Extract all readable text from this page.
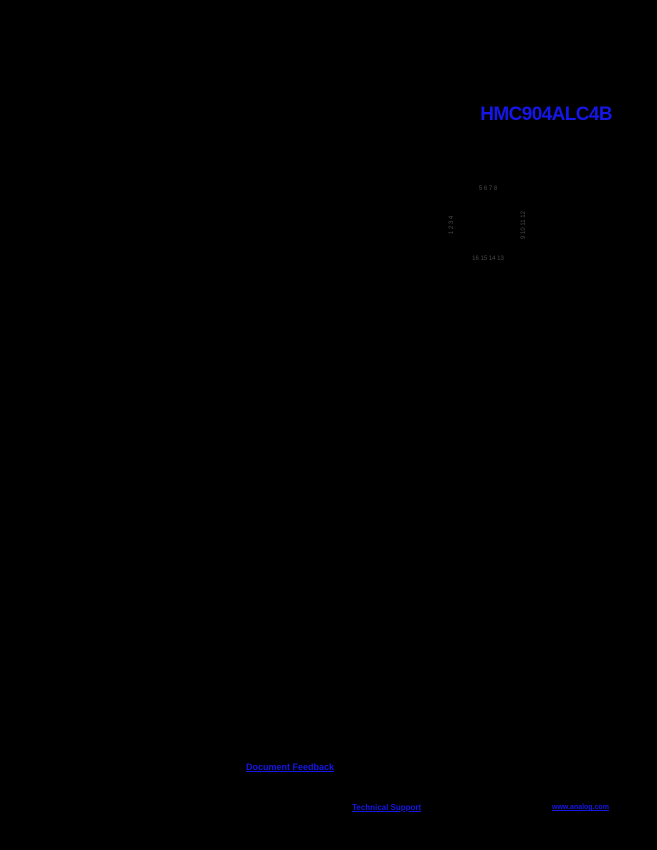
Data Sheet	HMC904ALC4B
5 6 7 8
16 15 14 13
1 2 3 4	9 10 11 12
Document Feedback
Technical Support	www.analog.com
